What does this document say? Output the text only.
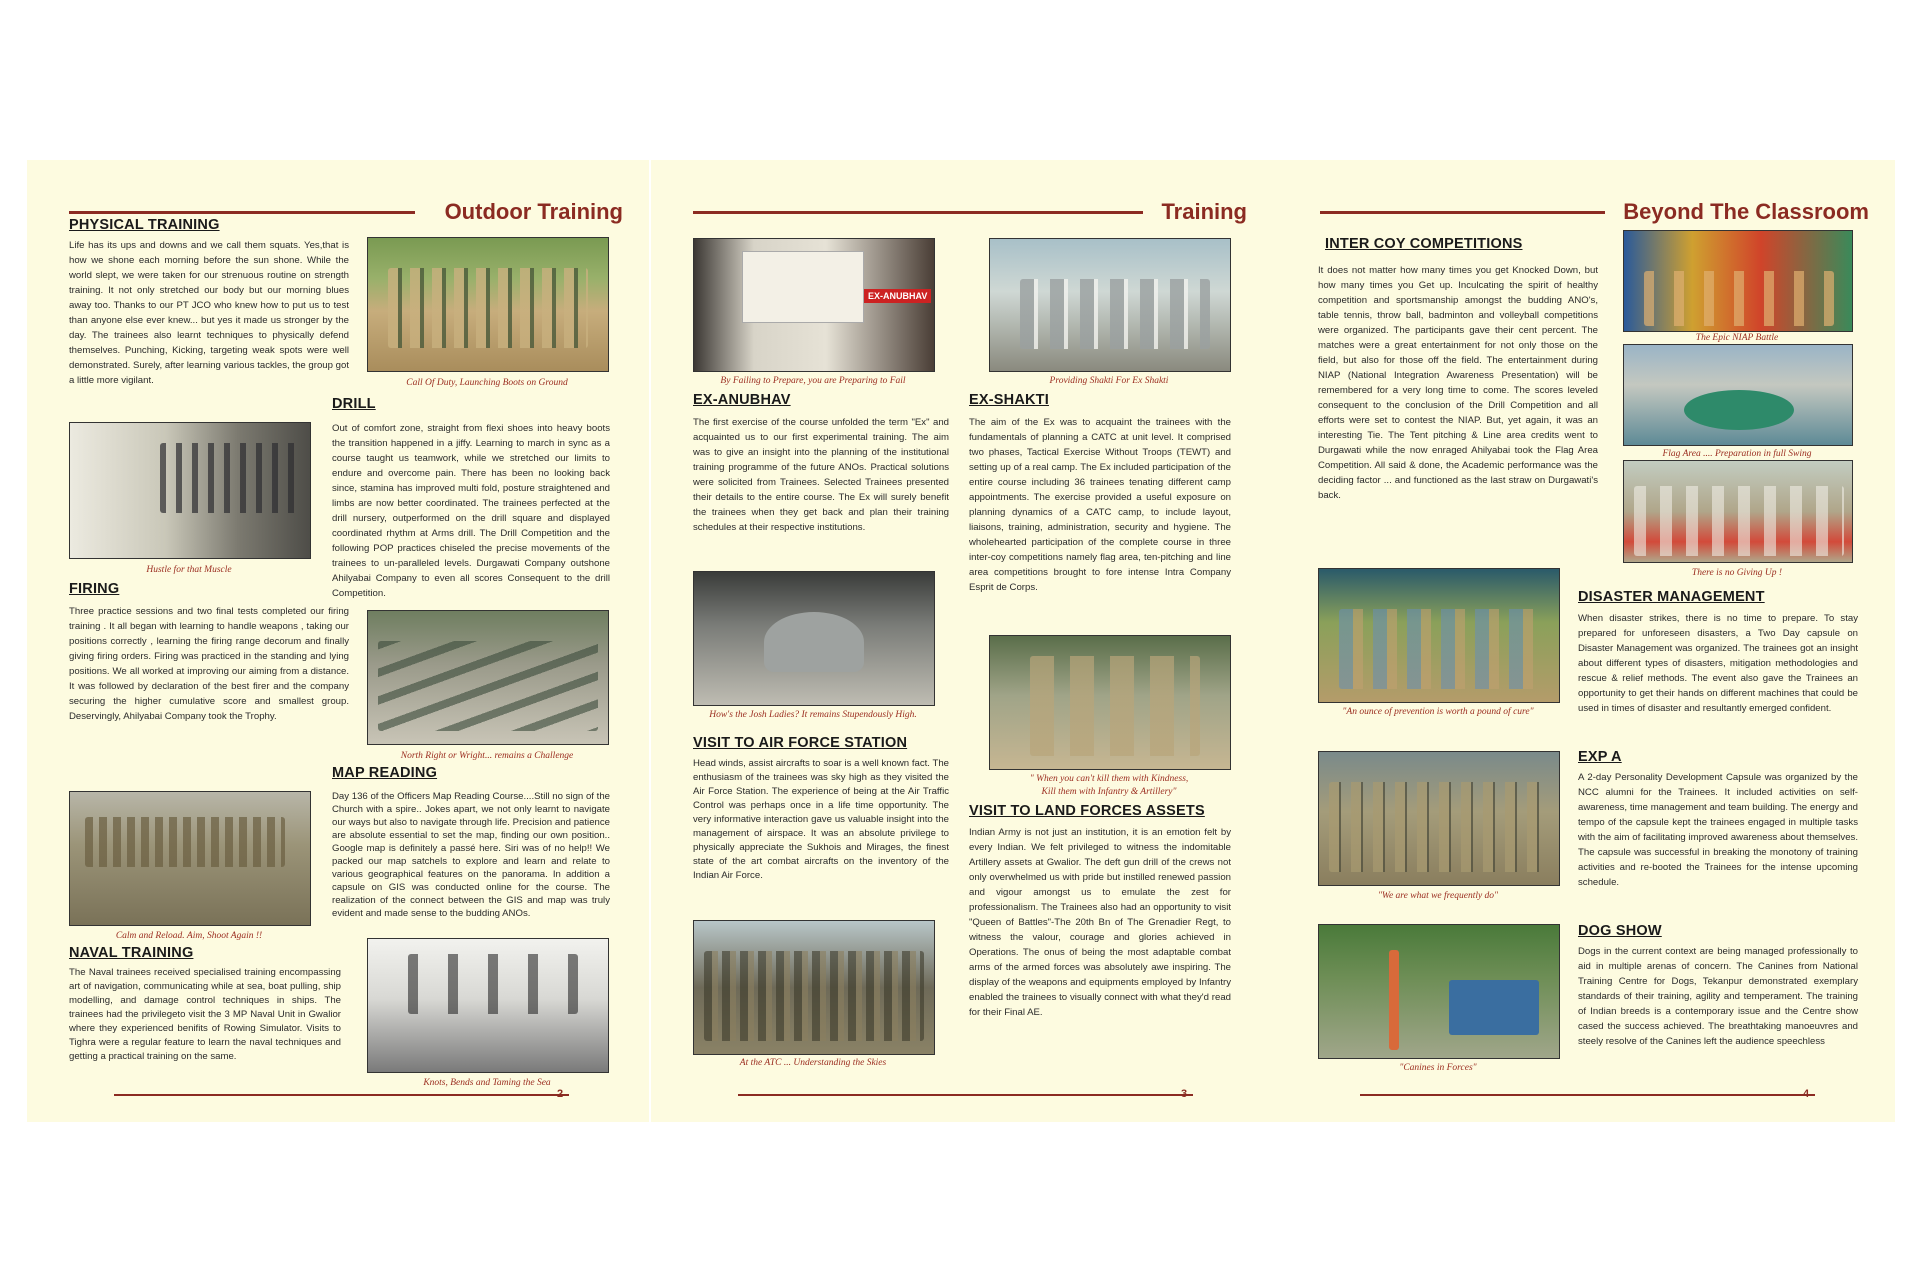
Outdoor Training
PHYSICAL TRAINING
Life has its ups and downs and we call them squats. Yes,that is how we shone each morning before the sun shone. While the world slept, we were taken for our strenuous routine on strength training. It not only stretched our body but our morning blues away too. Thanks to our PT JCO who knew how to put us to test than anyone else ever knew... but yes it made us stronger by the day. The trainees also learnt techniques to physically defend themselves. Punching, Kicking, targeting weak spots were well demonstrated. Surely, after learning various tackles, the group got a little more vigilant.	Call Of Duty, Launching Boots on Ground
DRILL
Out of comfort zone, straight from flexi shoes into heavy boots the transition happened in a jiffy. Learning to march in sync as a course taught us teamwork, while we stretched our limits to endure and overcome pain. There has been no looking back since, stamina has improved multi fold, posture straightened and limbs are now better coordinated. The trainees perfected at the drill nursery, outperformed on the drill square and displayed coordinated rhythm at Arms drill. The Drill Competition and the following POP practices chiseled the precise movements of the trainees to un-paralleled levels. Durgawati Company outshone Ahilyabai Company to even all scores Consequent to the drill Competition.
Hustle for that Muscle
FIRING
Three practice sessions and two final tests completed our firing training . It all began with learning to handle weapons , taking our positions correctly , learning the firing range decorum and finally giving firing orders. Firing was practiced in the standing and lying positions. We all worked at improving our aiming from a distance. It was followed by declaration of the best firer and the company securing the higher cumulative score and smallest group. Deservingly, Ahilyabai Company took the Trophy.
North Right or Wright... remains a Challenge
MAP READING
Day 136 of the Officers Map Reading Course....Still no sign of the Church with a spire.. Jokes apart, we not only learnt to navigate our ways but also to navigate through life. Precision and patience are absolute essential to set the map, finding our own position.. Google map is definitely a passé here. Siri was of no help!! We packed our map satchels to explore and learn and relate to various geographical features on the panorama. In addition a capsule on GIS was conducted online for the course. The realization of the connect between the GIS and map was truly evident and made sense to the budding ANOs.
Calm and Reload. Aim, Shoot Again !!
NAVAL TRAINING
The Naval trainees received specialised training encompassing art of navigation, communicating while at sea, boat pulling, ship modelling, and damage control techniques in ships. The trainees had the privilegeto visit the 3 MP Naval Unit in Gwalior where they experienced benifits of Rowing Simulator. Visits to Tighra were a regular feature to learn the naval techniques and getting a practical training on the same.
Knots, Bends and Taming the Sea
2
Training
EX-ANUBHAV
By Failing to Prepare, you are Preparing to Fail	Providing Shakti For Ex Shakti
EX-ANUBHAV
The first exercise of the course unfolded the term "Ex" and acquainted us to our first experimental training. The aim was to give an insight into the planning of the institutional training programme of the future ANOs. Practical solutions were solicited from Trainees. Selected Trainees presented their details to the entire course. The Ex will surely benefit the trainees when they get back and plan their training schedules at their respective institutions.
EX-SHAKTI
The aim of the Ex was to acquaint the trainees with the fundamentals of planning a CATC at unit level. It comprised two phases, Tactical Exercise Without Troops (TEWT) and setting up of a real camp. The Ex included participation of the entire course including 36 trainees tenating different camp appointments. The exercise provided a useful exposure on planning dynamics of a CATC camp, to include layout, liaisons, training, administration, security and hygiene. The wholehearted participation of the complete course in three inter-coy competitions namely flag area, ten-pitching and line area competitions brought to fore intense Intra Company Esprit de Corps.
How's the Josh Ladies? It remains Stupendously High.
VISIT TO AIR FORCE STATION
Head winds, assist aircrafts to soar is a well known fact. The enthusiasm of the trainees was sky high as they visited the Air Force Station. The experience of being at the Air Traffic Control was perhaps once in a life time opportunity. The very informative interaction gave us valuable insight into the management of airspace. It was an absolute privilege to physically appreciate the Sukhois and Mirages, the finest state of the art combat aircrafts on the inventory of the Indian Air Force.
" When you can't kill them with Kindness,
Kill them with Infantry & Artillery"
VISIT TO LAND FORCES ASSETS
Indian Army is not just an institution, it is an emotion felt by every Indian. We felt privileged to witness the indomitable Artillery assets at Gwalior. The deft gun drill of the crews not only overwhelmed us with pride but instilled renewed passion and vigour amongst us to emulate the zest for professionalism. The Trainees also had an opportunity to visit "Queen of Battles"-The 20th Bn of The Grenadier Regt, to witness the valour, courage and glories achieved in Operations. The onus of being the most adaptable combat arms of the armed forces was absolutely awe inspiring. The display of the weapons and equipments employed by Infantry enabled the trainees to visually connect with what they'd read for their Final AE.
At the ATC ... Understanding the Skies
3
Beyond The Classroom
INTER COY COMPETITIONS
It does not matter how many times you get Knocked Down, but how many times you Get up. Inculcating the spirit of healthy competition and sportsmanship amongst the budding ANO's, table tennis, throw ball, badminton and volleyball competitions were organized. The participants gave their cent percent. The matches were a great entertainment for not only those on the field, but also for those off the field. The entertainment during NIAP (National Integration Awareness Presentation) will be remembered for a very long time to come. The scores leveled consequent to the conclusion of the Drill Competition and all efforts were set to contest the NIAP. But, yet again, it was an interesting Tie. The Tent pitching & Line area credits went to Durgawati while the now enraged Ahilyabai took the Flag Area Competition. All said & done, the Academic performance was the deciding factor ... and functioned as the last straw on Durgawati's back.
The Epic NIAP Battle
Flag Area .... Preparation in full Swing
There is no Giving Up !
"An ounce of prevention is worth a pound of cure"
DISASTER MANAGEMENT
When disaster strikes, there is no time to prepare. To stay prepared for unforeseen disasters, a Two Day capsule on Disaster Management was organized. The trainees got an insight about different types of disasters, mitigation methodologies and rescue & relief methods. The event also gave the Trainees an opportunity to get their hands on different machines that could be used in times of disaster and resultantly emerged confident.
"We are what we frequently do"
EXP A
A 2-day Personality Development Capsule was organized by the NCC alumni for the Trainees. It included activities on self-awareness, time management and team building. The energy and tempo of the capsule kept the trainees engaged in multiple tasks with the aim of facilitating improved awareness about themselves. The capsule was successful in breaking the monotony of training activities and re-booted the Trainees for the intense upcoming schedule.
"Canines in Forces"
DOG SHOW
Dogs in the current context are being managed professionally to aid in multiple arenas of concern. The Canines from National Training Centre for Dogs, Tekanpur demonstrated exemplary standards of their training, agility and temperament. The training of Indian breeds is a contemporary issue and the Centre show cased the success achieved. The breathtaking manoeuvres and steely resolve of the Canines left the audience speechless
4
